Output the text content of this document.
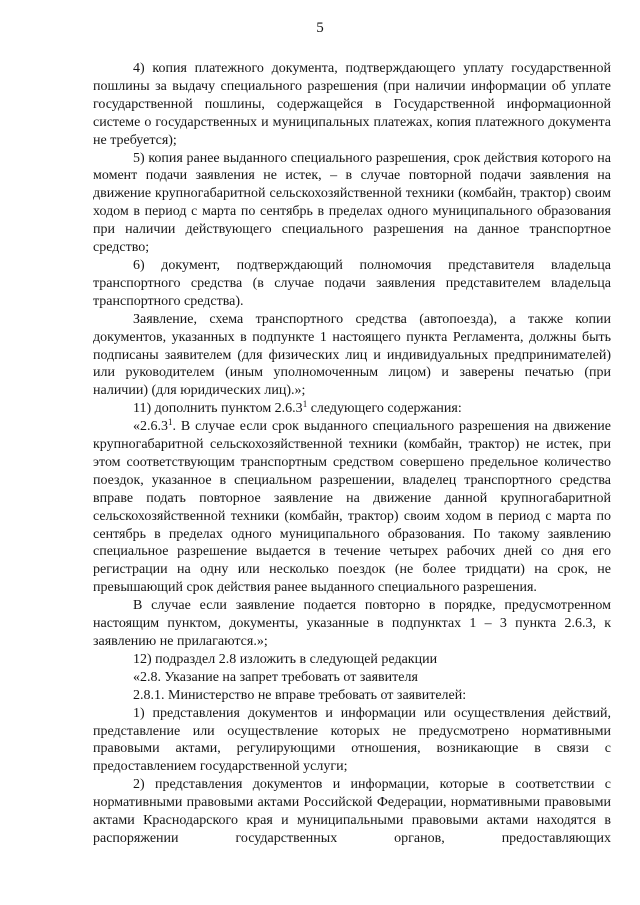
5

4) копия платежного документа, подтверждающего уплату государственной пошлины за выдачу специального разрешения (при наличии информации об уплате государственной пошлины, содержащейся в Государственной информационной системе о государственных и муниципальных платежах, копия платежного документа не требуется);

5) копия ранее выданного специального разрешения, срок действия которого на момент подачи заявления не истек, – в случае повторной подачи заявления на движение крупногабаритной сельскохозяйственной техники (комбайн, трактор) своим ходом в период с марта по сентябрь в пределах одного муниципального образования при наличии действующего специального разрешения на данное транспортное средство;

6) документ, подтверждающий полномочия представителя владельца транспортного средства (в случае подачи заявления представителем владельца транспортного средства).

Заявление, схема транспортного средства (автопоезда), а также копии документов, указанных в подпункте 1 настоящего пункта Регламента, должны быть подписаны заявителем (для физических лиц и индивидуальных предпринимателей) или руководителем (иным уполномоченным лицом) и заверены печатью (при наличии) (для юридических лиц).»;

11) дополнить пунктом 2.6.3$^1$ следующего содержания:

«2.6.3$^1$. В случае если срок выданного специального разрешения на движение крупногабаритной сельскохозяйственной техники (комбайн, трактор) не истек, при этом соответствующим транспортным средством совершено предельное количество поездок, указанное в специальном разрешении, владелец транспортного средства вправе подать повторное заявление на движение данной крупногабаритной сельскохозяйственной техники (комбайн, трактор) своим ходом в период с марта по сентябрь в пределах одного муниципального образования. По такому заявлению специальное разрешение выдается в течение четырех рабочих дней со дня его регистрации на одну или несколько поездок (не более тридцати) на срок, не превышающий срок действия ранее выданного специального разрешения.

В случае если заявление подается повторно в порядке, предусмотренном настоящим пунктом, документы, указанные в подпунктах 1 – 3 пункта 2.6.3, к заявлению не прилагаются.»;

12) подраздел 2.8 изложить в следующей редакции

«2.8. Указание на запрет требовать от заявителя

2.8.1. Министерство не вправе требовать от заявителей:

1) представления документов и информации или осуществления действий, представление или осуществление которых не предусмотрено нормативными правовыми актами, регулирующими отношения, возникающие в связи с предоставлением государственной услуги;

2) представления документов и информации, которые в соответствии с нормативными правовыми актами Российской Федерации, нормативными правовыми актами Краснодарского края и муниципальными правовыми актами находятся в распоряжении государственных органов, предоставляющих
